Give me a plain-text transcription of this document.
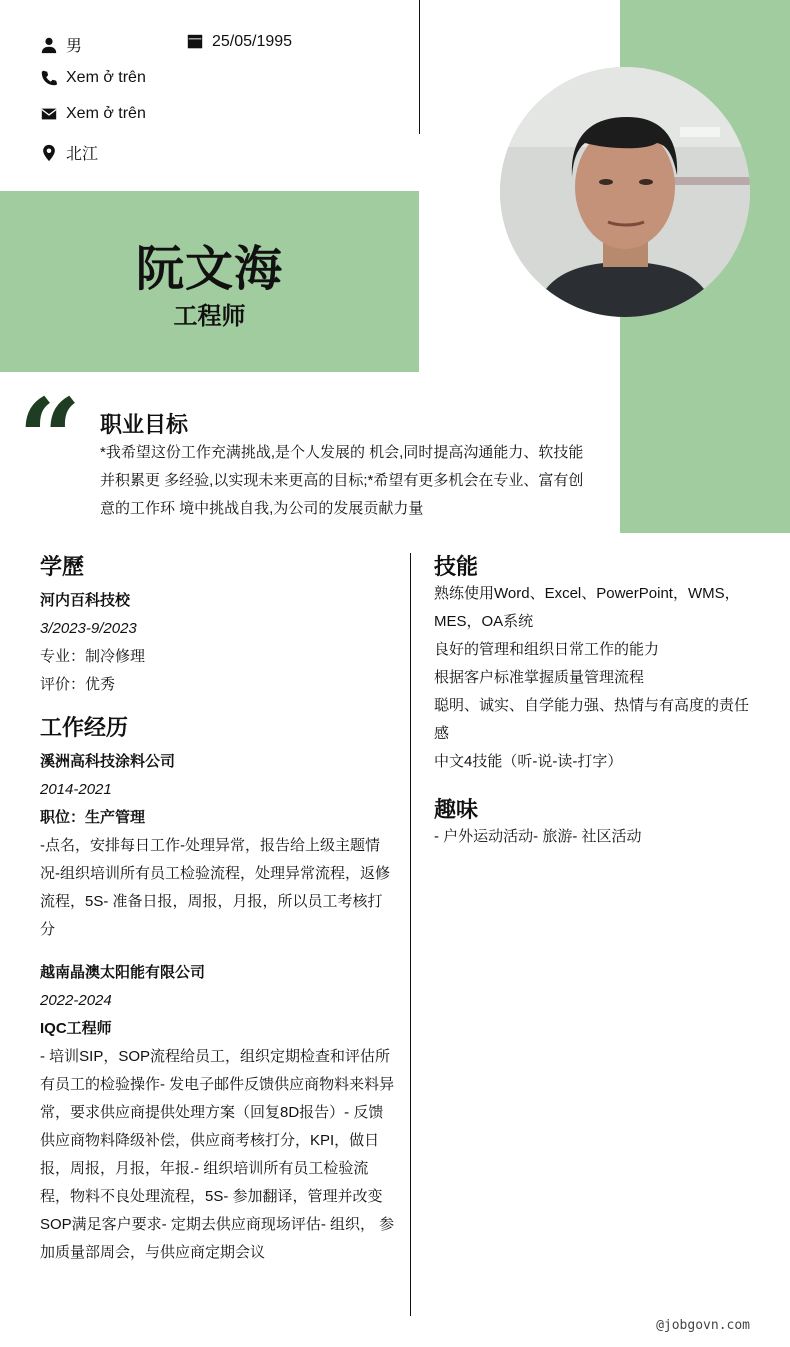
男	25/05/1995
Xem ở trên
Xem ở trên
北江
阮文海
工程师
“ 职业目标
*我希望这份工作充满挑战,是个人发展的 机会,同时提高沟通能力、软技能
并积累更 多经验,以实现未来更高的目标;*希望有更多机会在专业、富有创
意的工作环 境中挑战自我,为公司的发展贡献力量
学歷
河内百科技校
3/2023-9/2023
专业：制冷修理
评价：优秀
工作经历
溪洲高科技涂料公司
2014-2021
职位：生产管理
-点名，安排每日工作-处理异常，报告给上级主题情
况-组织培训所有员工检验流程，处理异常流程，返修
流程，5S- 准备日报，周报，月报，所以员工考核打
分
越南晶澳太阳能有限公司
2022-2024
IQC工程师
- 培训SIP，SOP流程给员工，组织定期检查和评估所
有员工的检验操作- 发电子邮件反馈供应商物料来料异
常，要求供应商提供处理方案（回复8D报告）- 反馈
供应商物料降级补偿，供应商考核打分，KPI，做日
报，周报，月报，年报.- 组织培训所有员工检验流
程，物料不良处理流程，5S- 参加翻译，管理并改变
SOP满足客户要求- 定期去供应商现场评估- 组织， 参
加质量部周会，与供应商定期会议
技能
熟练使用Word、Excel、PowerPoint，WMS，
MES，OA系统
良好的管理和组织日常工作的能力
根据客户标准掌握质量管理流程
聪明、诚实、自学能力强、热情与有高度的责任
感
中文4技能（听-说-读-打字）
趣味
- 户外运动活动- 旅游- 社区活动
@jobgovn.com
